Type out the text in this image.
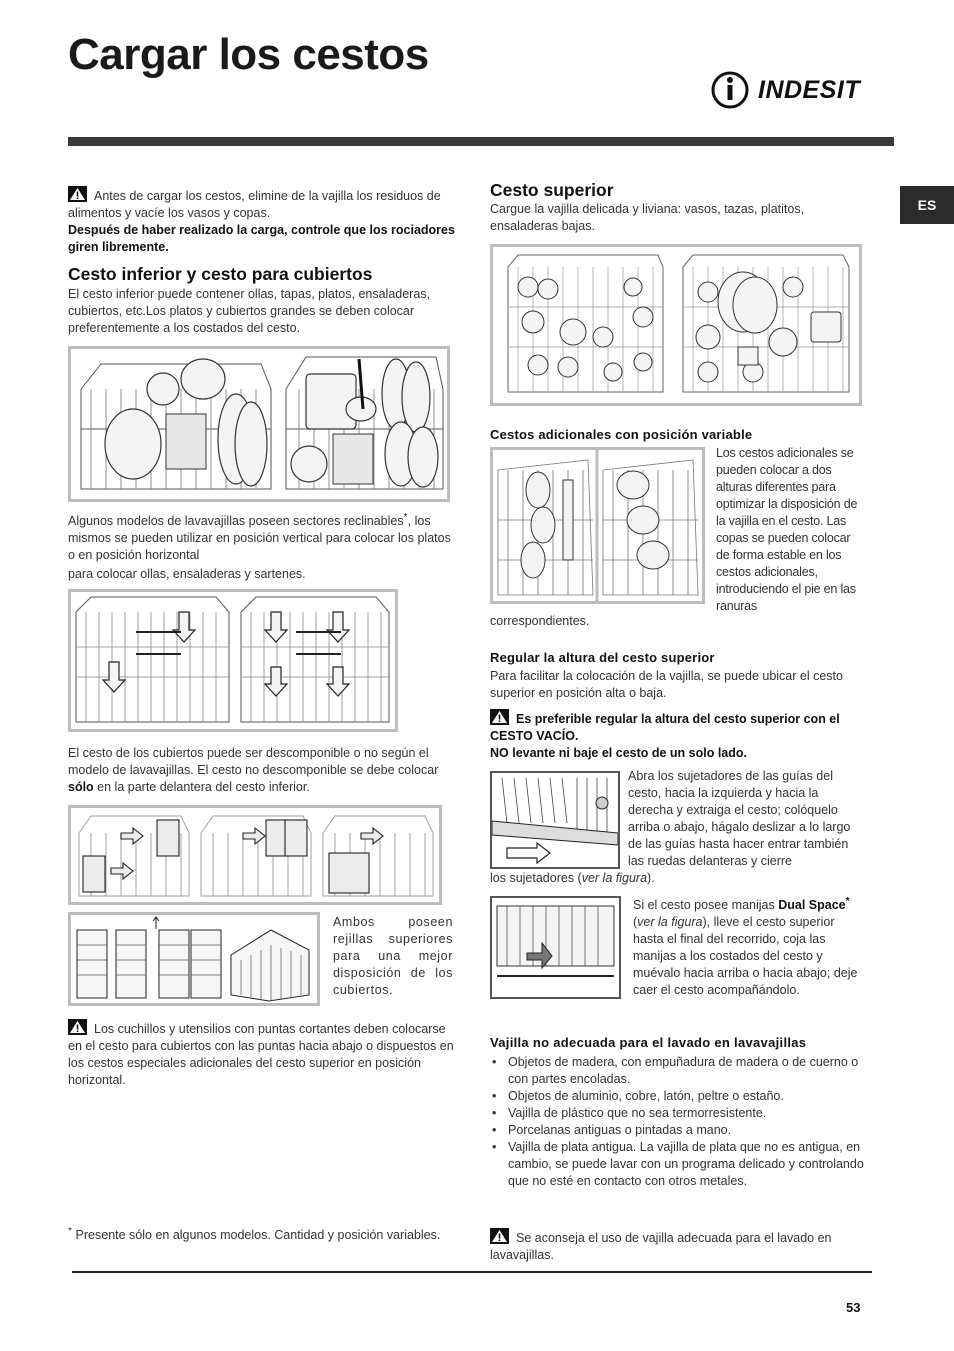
Cargar los cestos
INDESIT
ES
Antes de cargar los cestos, elimine de la vajilla los residuos de alimentos y vacíe los vasos y copas.
Después de haber realizado la carga, controle que los rociadores giren libremente.
Cesto inferior y cesto para cubiertos
El cesto inferior puede contener ollas, tapas, platos, ensaladeras, cubiertos, etc.Los platos y cubiertos grandes se deben colocar preferentemente a los costados del cesto.
Algunos modelos de lavavajillas poseen sectores reclinables*, los mismos se pueden utilizar en posición vertical para colocar los platos o en posición horizontal
para colocar ollas, ensaladeras y sartenes.
El cesto de los cubiertos puede ser descomponible o no según el modelo de lavavajillas. El cesto no descomponible se debe colocar sólo en la parte delantera del cesto inferior.
Ambos poseen rejillas superiores para una mejor disposición de los cubiertos.
Los cuchillos y utensilios con puntas cortantes deben colocarse en el cesto para cubiertos con las puntas hacia abajo o dispuestos en los cestos especiales adicionales del cesto superior en posición horizontal.
* Presente sólo en algunos modelos. Cantidad y posición variables.
Cesto superior
Cargue la vajilla delicada y liviana: vasos, tazas, platitos, ensaladeras bajas.
Cestos adicionales con posición variable
Los cestos adicionales se pueden colocar a dos alturas diferentes para optimizar la disposición de la vajilla en el cesto. Las copas se pueden colocar de forma estable en los cestos adicionales, introduciendo el pie en las ranuras
correspondientes.
Regular la altura del cesto superior
Para facilitar la colocación de la vajilla, se puede ubicar el cesto superior en posición alta o baja.
Es preferible regular la altura del cesto superior con el CESTO VACÍO.
NO levante ni baje el cesto de un solo lado.
Abra los sujetadores de las guías del cesto, hacia la izquierda y hacia la derecha y extraiga el cesto; colóquelo arriba o abajo, hágalo deslizar a lo largo de las guías hasta hacer entrar también las ruedas delanteras y cierre
los sujetadores (ver la figura).
Si el cesto posee manijas Dual Space* (ver la figura), lleve el cesto superior hasta el final del recorrido, coja las manijas a los costados del cesto y muévalo hacia arriba o hacia abajo; deje caer el cesto acompañándolo.
Vajilla no adecuada para el lavado en lavavajillas
• Objetos de madera, con empuñadura de madera o de cuerno o con partes encoladas.
• Objetos de aluminio, cobre, latón, peltre o estaño.
• Vajilla de plástico que no sea termorresistente.
• Porcelanas antiguas o pintadas a mano.
• Vajilla de plata antigua. La vajilla de plata que no es antigua, en cambio, se puede lavar con un programa delicado y controlando que no esté en contacto con otros metales.
Se aconseja el uso de vajilla adecuada para el lavado en lavavajillas.
53
